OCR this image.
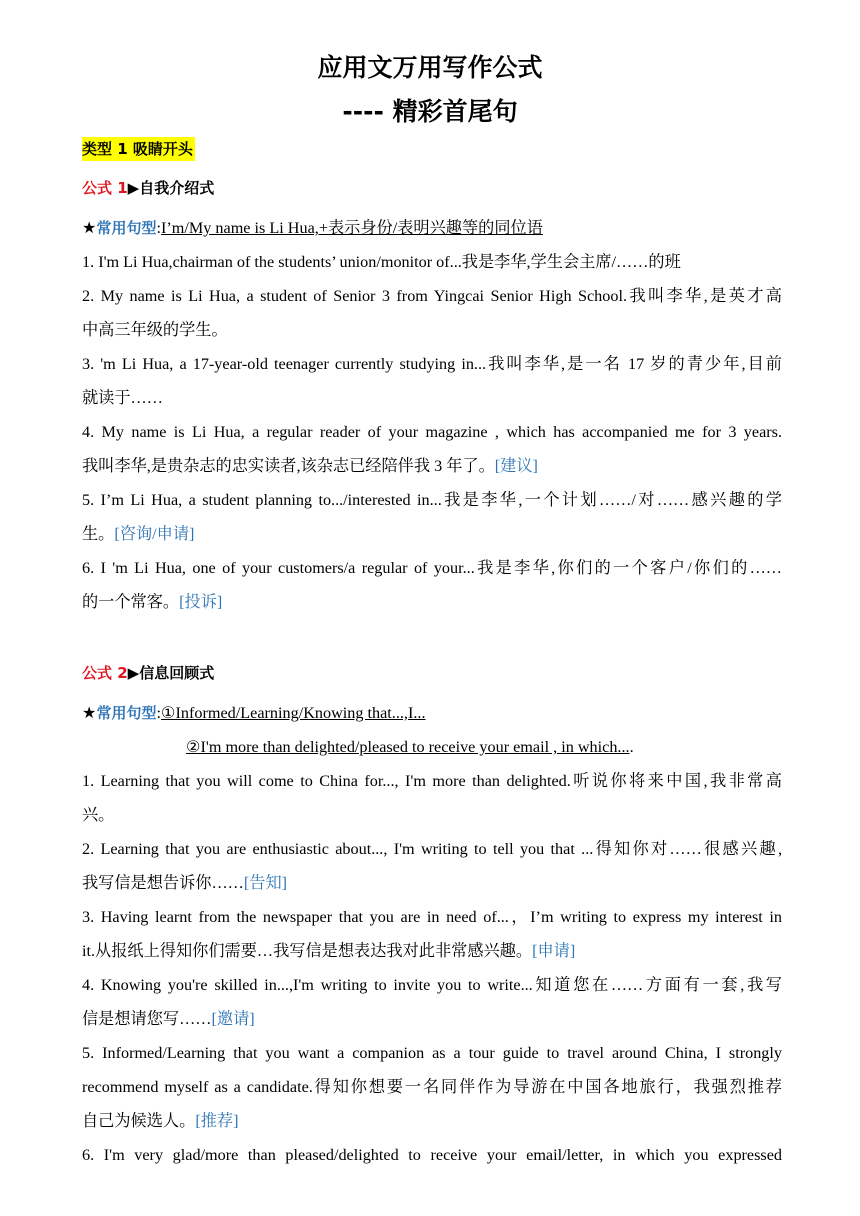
应用文万用写作公式
---- 精彩首尾句
类型 1 吸睛开头
公式 1▶自我介绍式
★常用句型:I’m/My name is Li Hua,+表示身份/表明兴趣等的同位语
1. I'm Li Hua,chairman of the students’ union/monitor of...我是李华,学生会主席/……的班
2. My name is Li Hua, a student of Senior 3 from Yingcai Senior High School.我叫李华,是英才高
中高三年级的学生。
3. 'm Li Hua, a 17-year-old teenager currently studying in...我叫李华,是一名 17 岁的青少年,目前
就读于……
4. My name is Li Hua, a regular reader of your magazine , which has accompanied me for 3 years.
我叫李华,是贵杂志的忠实读者,该杂志已经陪伴我 3 年了。[建议]
5. I’m Li Hua, a student planning to.../interested in...我是李华,一个计划……/对……感兴趣的学
生。[咨询/申请]
6. I 'm Li Hua, one of your customers/a regular of your...我是李华,你们的一个客户/你们的……
的一个常客。[投诉]
公式 2▶信息回顾式
★常用句型:①Informed/Learning/Knowing that...,I...
②I'm more than delighted/pleased to receive your email , in which....
1. Learning that you will come to China for..., I'm more than delighted.听说你将来中国,我非常高
兴。
2. Learning that you are enthusiastic about..., I'm writing to tell you that ...得知你对……很感兴趣,
我写信是想告诉你……[告知]
3. Having learnt from the newspaper that you are in need of...，I’m writing to express my interest in
it.从报纸上得知你们需要…我写信是想表达我对此非常感兴趣。[申请]
4. Knowing you're skilled in...,I'm writing to invite you to write...知道您在……方面有一套,我写
信是想请您写……[邀请]
5. Informed/Learning that you want a companion as a tour guide to travel around China, I strongly
recommend myself as a candidate.得知你想要一名同伴作为导游在中国各地旅行，我强烈推荐
自己为候选人。[推荐]
6. I'm very glad/more than pleased/delighted to receive your email/letter, in which you expressed
